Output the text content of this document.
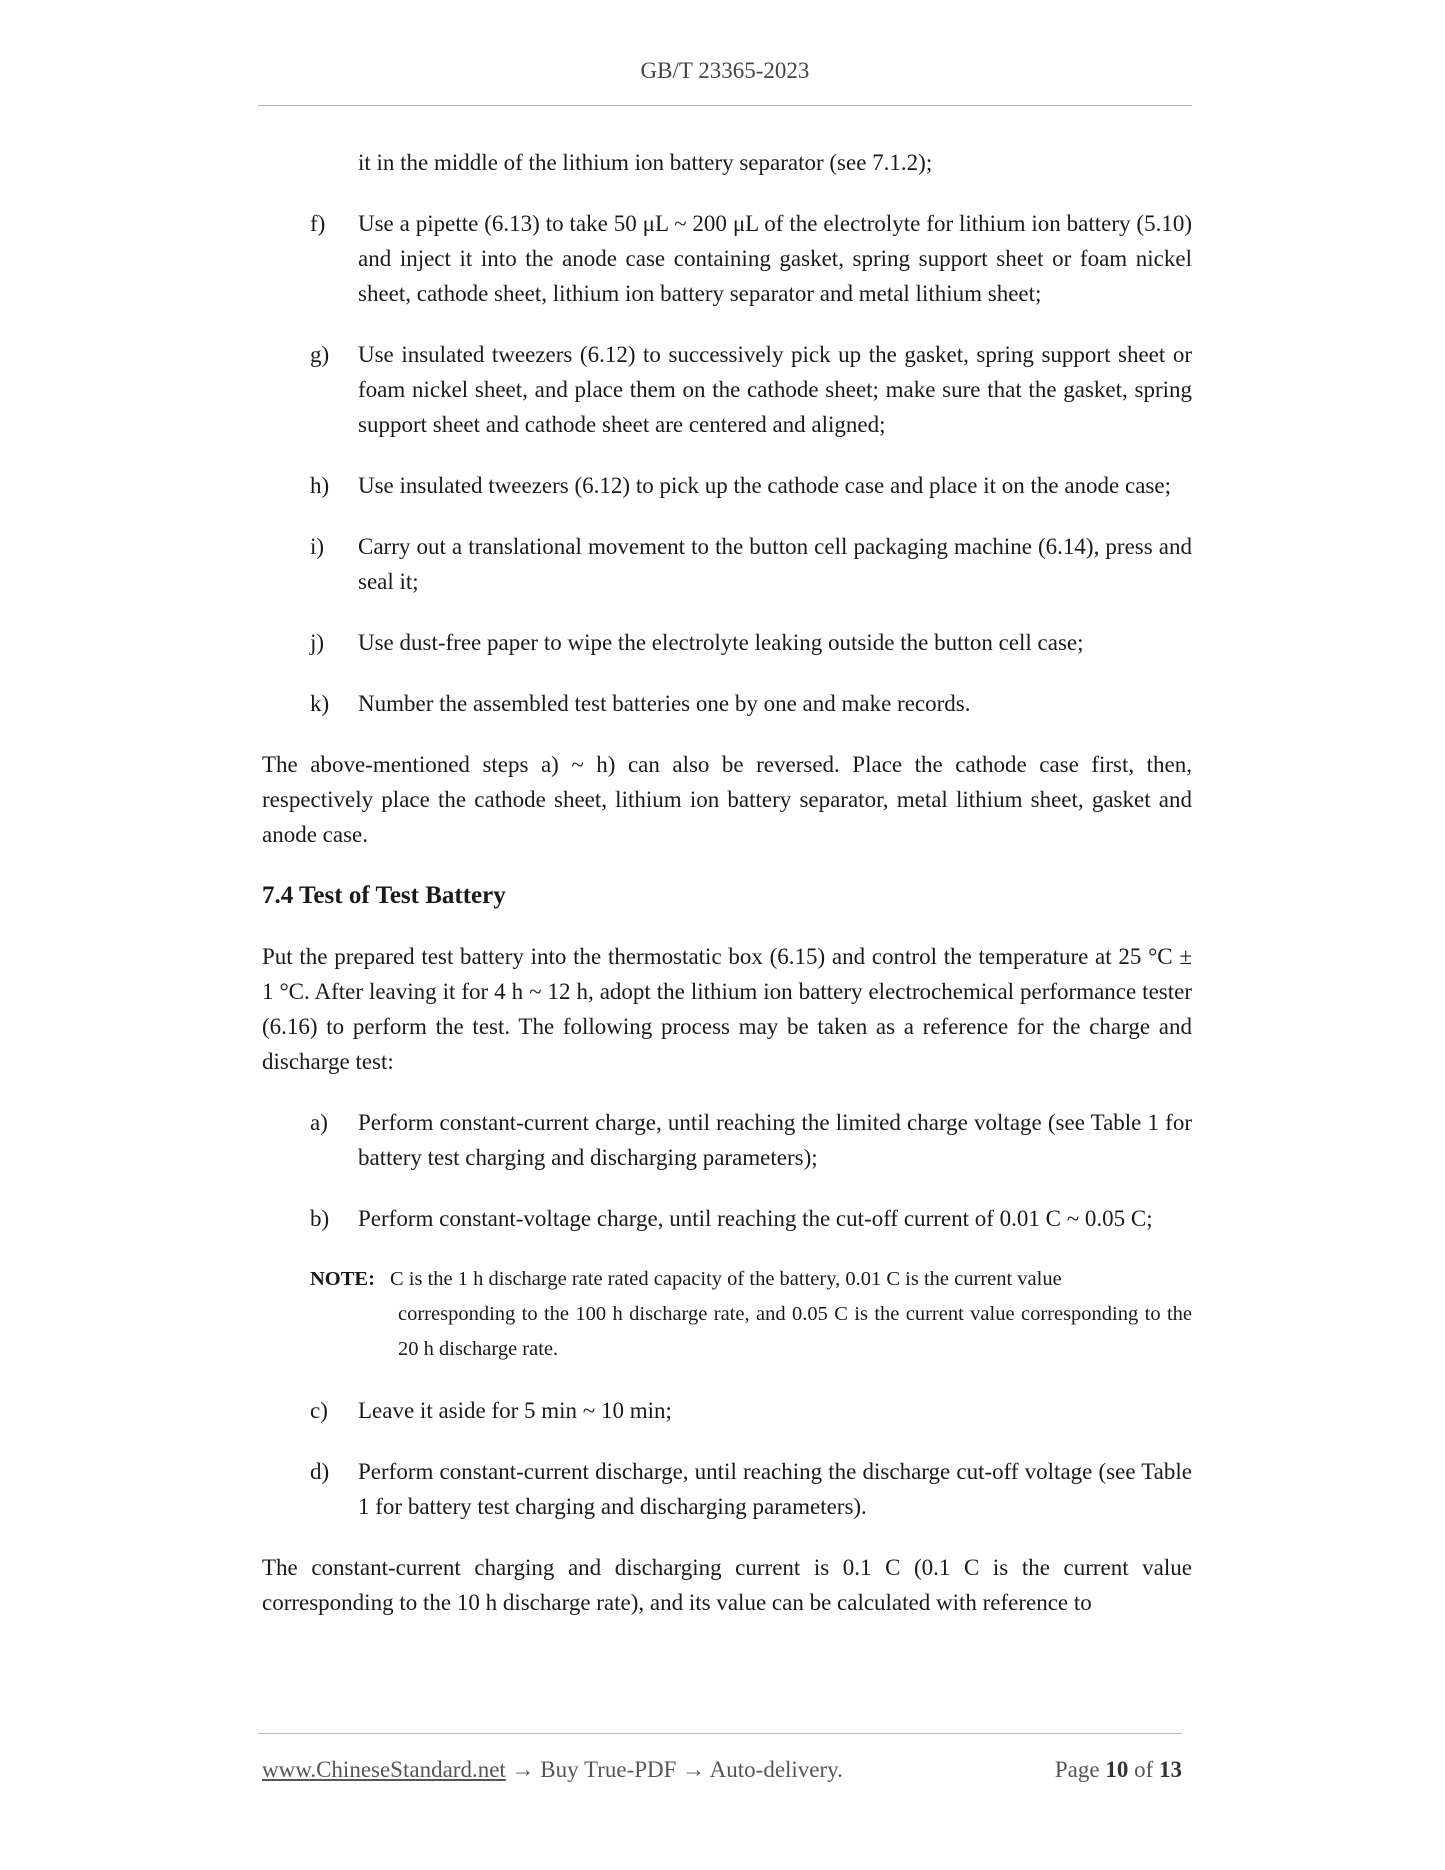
GB/T 23365-2023
it in the middle of the lithium ion battery separator (see 7.1.2);
f)	Use a pipette (6.13) to take 50 μL ~ 200 μL of the electrolyte for lithium ion battery (5.10) and inject it into the anode case containing gasket, spring support sheet or foam nickel sheet, cathode sheet, lithium ion battery separator and metal lithium sheet;
g)	Use insulated tweezers (6.12) to successively pick up the gasket, spring support sheet or foam nickel sheet, and place them on the cathode sheet; make sure that the gasket, spring support sheet and cathode sheet are centered and aligned;
h)	Use insulated tweezers (6.12) to pick up the cathode case and place it on the anode case;
i)	Carry out a translational movement to the button cell packaging machine (6.14), press and seal it;
j)	Use dust-free paper to wipe the electrolyte leaking outside the button cell case;
k)	Number the assembled test batteries one by one and make records.
The above-mentioned steps a) ~ h) can also be reversed. Place the cathode case first, then, respectively place the cathode sheet, lithium ion battery separator, metal lithium sheet, gasket and anode case.
7.4 Test of Test Battery
Put the prepared test battery into the thermostatic box (6.15) and control the temperature at 25 °C ± 1 °C. After leaving it for 4 h ~ 12 h, adopt the lithium ion battery electrochemical performance tester (6.16) to perform the test. The following process may be taken as a reference for the charge and discharge test:
a)	Perform constant-current charge, until reaching the limited charge voltage (see Table 1 for battery test charging and discharging parameters);
b)	Perform constant-voltage charge, until reaching the cut-off current of 0.01 C ~ 0.05 C;
NOTE: C is the 1 h discharge rate rated capacity of the battery, 0.01 C is the current value
corresponding to the 100 h discharge rate, and 0.05 C is the current value corresponding to the 20 h discharge rate.
c)	Leave it aside for 5 min ~ 10 min;
d)	Perform constant-current discharge, until reaching the discharge cut-off voltage (see Table 1 for battery test charging and discharging parameters).
The constant-current charging and discharging current is 0.1 C (0.1 C is the current value corresponding to the 10 h discharge rate), and its value can be calculated with reference to
www.ChineseStandard.net → Buy True-PDF → Auto-delivery.	Page 10 of 13
